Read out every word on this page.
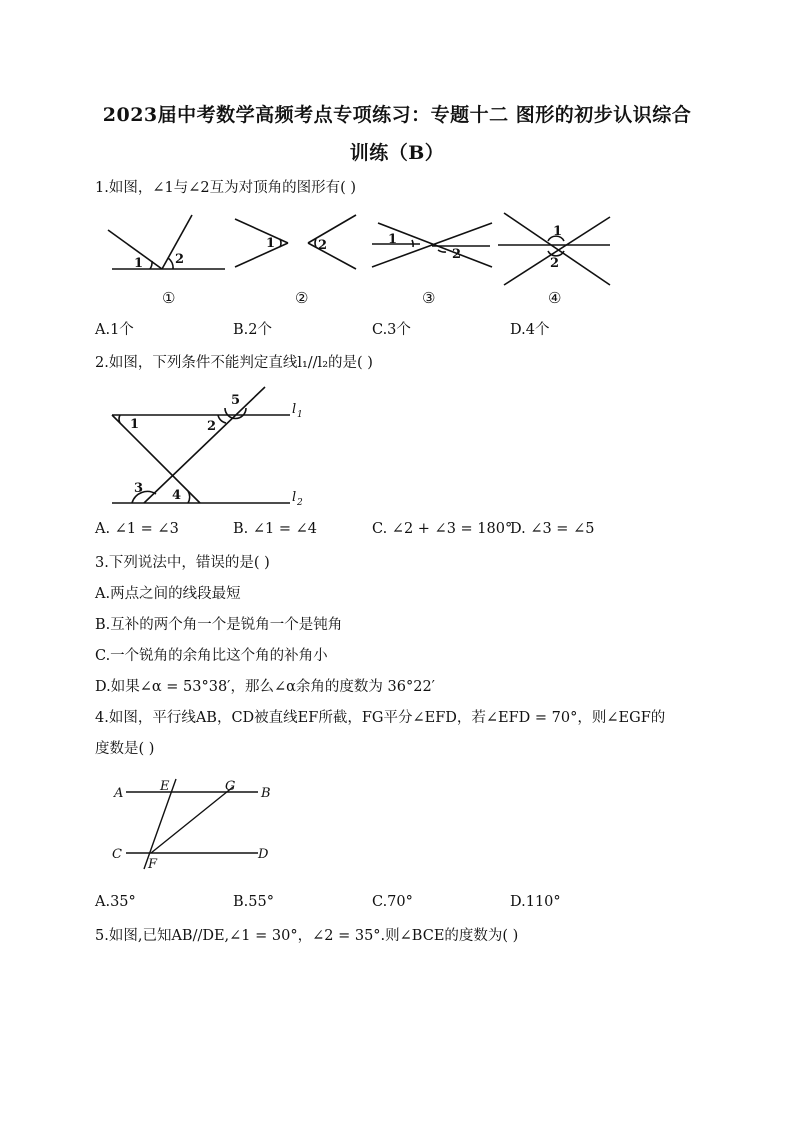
2023届中考数学高频考点专项练习：专题十二 图形的初步认识综合
训练（B）
1.如图，∠1与∠2互为对顶角的图形有( )
1 2
1	2	1
2
1
2
①	②	③	④
A.1个	B.2个	C.3个	D.4个
2.如图，下列条件不能判定直线l₁//l₂的是( )
1	2
5
3 4
l 1
l 2
A. ∠1 = ∠3	B. ∠1 = ∠4	C. ∠2 + ∠3 = 180°
D. ∠3 = ∠5
3.下列说法中，错误的是( )
A.两点之间的线段最短
B.互补的两个角一个是锐角一个是钝角
C.一个锐角的余角比这个角的补角小
D.如果∠α = 53°38′，那么∠α余角的度数为 36°22′
4.如图，平行线AB，CD被直线EF所截，FG平分∠EFD，若∠EFD = 70°，则∠EGF的
度数是( )
A	E	G B
C
F
D
A.35°	B.55°	C.70°	D.110°
5.如图,已知AB//DE,∠1 = 30°，∠2 = 35°.则∠BCE的度数为( )
